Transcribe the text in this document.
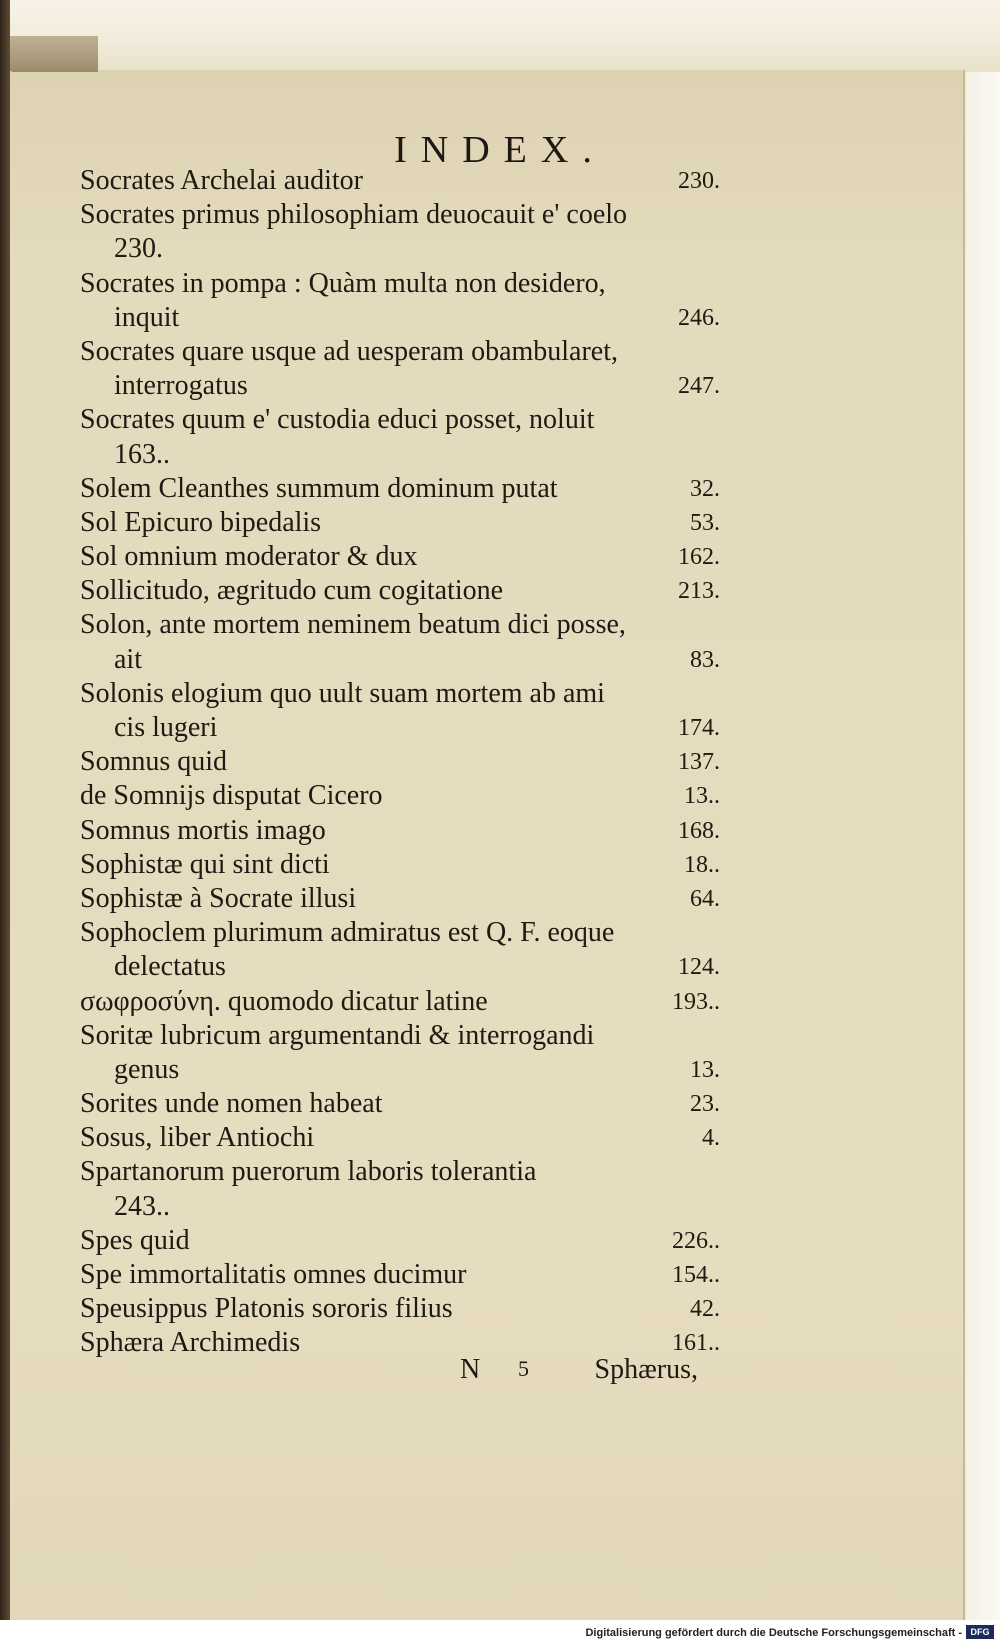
INDEX.
Socrates Archelai auditor	230.
Socrates primus philosophiam deuocauit e' coelo
230.
Socrates in pompa : Quàm multa non desidero,
inquit	246.
Socrates quare usque ad uesperam obambularet,
interrogatus	247.
Socrates quum e' custodia educi posset, noluit
163..
Solem Cleanthes summum dominum putat	32.
Sol Epicuro bipedalis	53.
Sol omnium moderator & dux	162.
Sollicitudo, ægritudo cum cogitatione	213.
Solon, ante mortem neminem beatum dici posse,
ait	83.
Solonis elogium quo uult suam mortem ab ami
cis lugeri	174.
Somnus quid	137.
de Somnijs disputat Cicero	13..
Somnus mortis imago	168.
Sophistæ qui sint dicti	18..
Sophistæ à Socrate illusi	64.
Sophoclem plurimum admiratus est Q. F. eoque
delectatus	124.
σωφροσύνη. quomodo dicatur latine	193..
Soritæ lubricum argumentandi & interrogandi
genus	13.
Sorites unde nomen habeat	23.
Sosus, liber Antiochi	4.
Spartanorum puerorum laboris tolerantia
243..
Spes quid	226..
Spe immortalitatis omnes ducimur	154..
Speusippus Platonis sororis filius	42.
Sphæra Archimedis	161..
N 5 Sphærus,
Digitalisierung gefördert durch die Deutsche Forschungsgemeinschaft - DFG
